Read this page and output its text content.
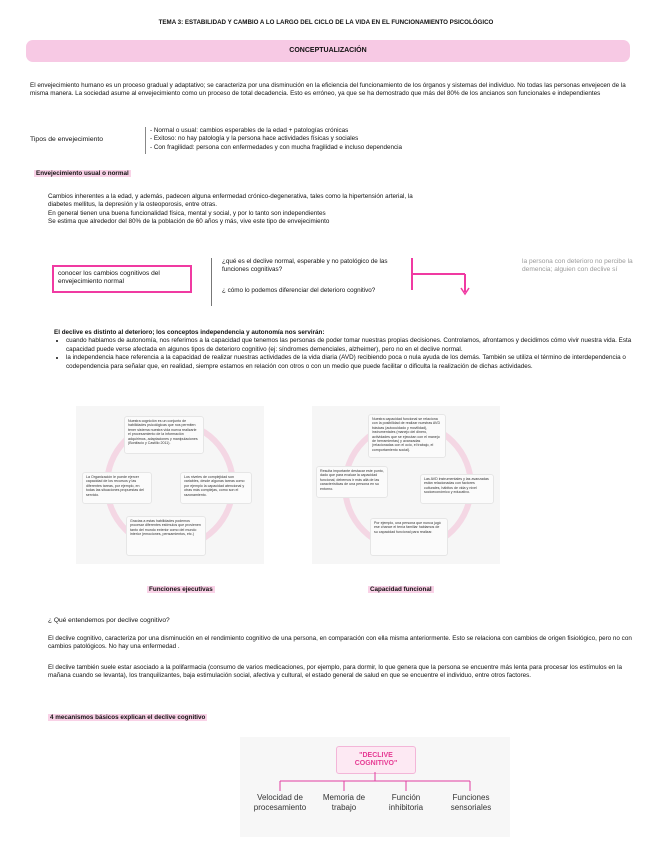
TEMA 3: ESTABILIDAD Y CAMBIO A LO LARGO DEL CICLO DE LA VIDA EN EL FUNCIONAMIENTO PSICOLÓGICO
CONCEPTUALIZACIÓN
El envejecimiento humano es un proceso gradual y adaptativo; se caracteriza por una disminución en la eficiencia del funcionamiento de los órganos y sistemas del individuo. No todas las personas envejecen de la misma manera. La sociedad asume al envejecimiento como un proceso de total decadencia. Esto es erróneo, ya que se ha demostrado que más del 80% de los ancianos son funcionales e independientes
Tipos de envejecimiento
- Normal o usual: cambios esperables de la edad + patologías crónicas
- Exitoso: no hay patología y la persona hace actividades físicas y sociales
- Con fragilidad: persona con enfermedades y con mucha fragilidad e incluso dependencia
Envejecimiento usual o normal
Cambios inherentes a la edad, y además, padecen alguna enfermedad crónico-degenerativa, tales como la hipertensión arterial, la
diabetes mellitus, la depresión y la osteoporosis, entre otras.
En general tienen una buena funcionalidad física, mental y social, y por lo tanto son independientes
Se estima que alrededor del 80% de la población de 60 años y más, vive este tipo de envejecimiento
conocer los cambios cognitivos del envejecimiento normal
¿qué es el declive normal, esperable y no patológico de las funciones cognitivas?
¿ cómo lo podemos diferenciar del deterioro cognitivo?
la persona con deterioro no percibe la demencia; alguien con declive sí
El declive es distinto al deterioro; los conceptos independencia y autonomía nos servirán:
• cuando hablamos de autonomía, nos referimos a la capacidad que tenemos las personas de poder tomar nuestras propias decisiones. Controlamos, afrontamos y decidimos cómo vivir nuestra vida. Esta capacidad puede verse afectada en algunos tipos de deterioro cognitivo (ej: síndromes demenciales, alzheimer), pero no en el declive normal.
• la independencia hace referencia a la capacidad de realizar nuestras actividades de la vida diaria (AVD) recibiendo poca o nula ayuda de los demás. También se utiliza el término de interdependencia o codependencia para señalar que, en realidad, siempre estamos en relación con otros o con un medio que puede facilitar o dificulta la realización de dichas actividades.
Nuestra cognición es un conjunto de habilidades psicológicas que nos permiten tener sistema nuestra vida nueva realizarle el procesamiento de la información adquirimos, adaptaciones y manipulaciones (Bonifacio y Castillo 2011).
La Organización le puede ejercer capacidad de los recursos y las diferentes tareas, por ejemplo, en todas las situaciones propuestas del servicio.
Los niveles de complejidad son variables, desde algunas tareas como por ejemplo la capacidad atencional y otras más complejas, como son el razonamiento.
Gracias a estas habilidades podemos procesar diferentes estímulos que provienen tanto del mundo exterior como del mundo interior (emociones, pensamientos, etc.)
Funciones ejecutivas
Nuestra capacidad funcional se relaciona con la posibilidad de realizar nuestras AVD básicas (autocuidado y movilidad), instrumentales (manejo del dinero, actividades que se ejecutan con el manejo de herramientas) y avanzadas (relacionadas con el ocio, el trabajo, el comportamiento social).
Resulta importante destacar este punto, dado que para evaluar la capacidad funcional, debemos ir más allá de las características de una persona en su entorno.
Las AVD instrumentales y las avanzadas están relacionadas con factores culturales, hábitos de vida y nivel socioeconómico y educativo.
Por ejemplo, una persona que nunca jugó ese chance el tenía familiar hablamos de su capacidad funcional para realizar.
Capacidad funcional
¿ Qué entendemos por declive cognitivo?
El declive cognitivo, caracteriza por una disminución en el rendimiento cognitivo de una persona, en comparación con ella misma anteriormente. Esto se relaciona con cambios de origen fisiológico, pero no con cambios patológicos. No hay una enfermedad .
El declive también suele estar asociado a la polifarmacia (consumo de varios medicaciones, por ejemplo, para dormir, lo que genera que la persona se encuentre más lenta para procesar los estímulos en la mañana cuando se levanta), los tranquilizantes, baja estimulación social, afectiva y cultural, el estado general de salud en que se encuentre el individuo, entre otros factores.
4 mecanismos básicos explican el declive cognitivo
"DECLIVE COGNITIVO"
Velocidad de procesamiento
Memoria de trabajo
Función inhibitoria
Funciones sensoriales
